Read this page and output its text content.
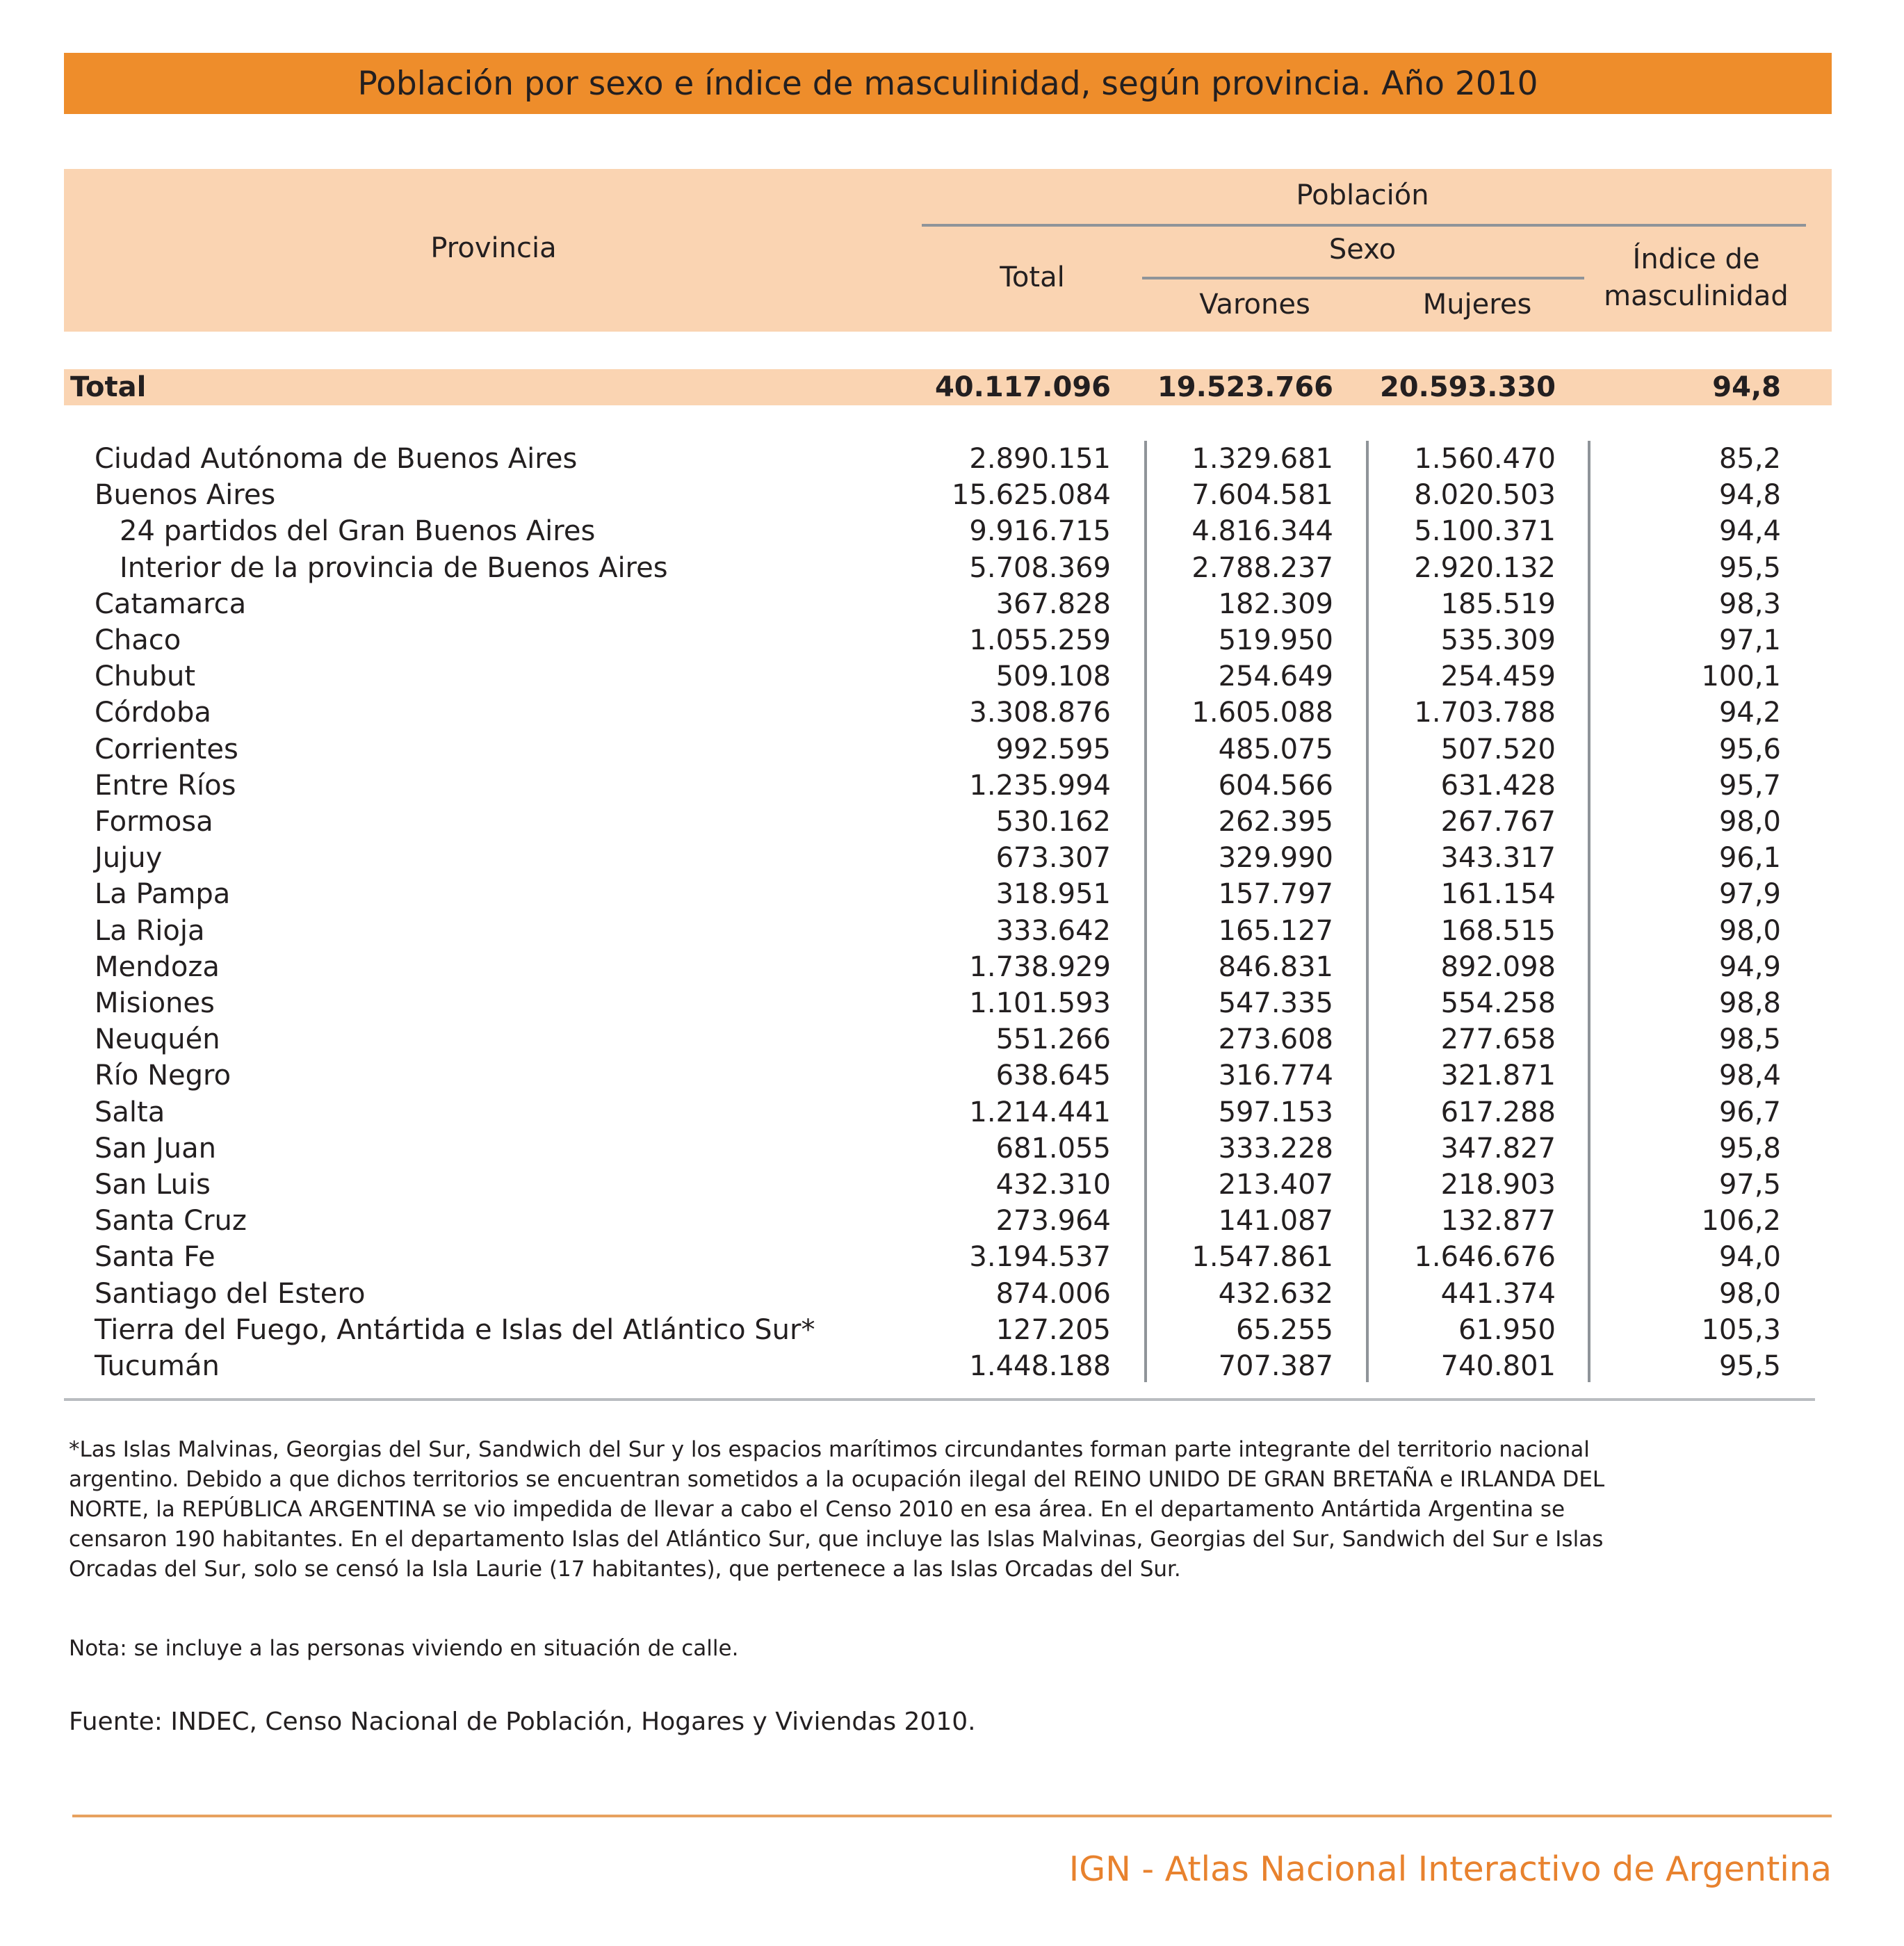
Población por sexo e índice de masculinidad, según provincia. Año 2010
Provincia
Población
Total
Sexo
Varones	Mujeres
Índice de
masculinidad
Total	40.117.096	19.523.766	20.593.330	94,8
Ciudad Autónoma de Buenos Aires	2.890.151	1.329.681	1.560.470	85,2
Buenos Aires	15.625.084	7.604.581	8.020.503	94,8
24 partidos del Gran Buenos Aires	9.916.715	4.816.344	5.100.371	94,4
Interior de la provincia de Buenos Aires	5.708.369	2.788.237	2.920.132	95,5
Catamarca	367.828	182.309	185.519	98,3
Chaco	1.055.259	519.950	535.309	97,1
Chubut	509.108	254.649	254.459	100,1
Córdoba	3.308.876	1.605.088	1.703.788	94,2
Corrientes	992.595	485.075	507.520	95,6
Entre Ríos	1.235.994	604.566	631.428	95,7
Formosa	530.162	262.395	267.767	98,0
Jujuy	673.307	329.990	343.317	96,1
La Pampa	318.951	157.797	161.154	97,9
La Rioja	333.642	165.127	168.515	98,0
Mendoza	1.738.929	846.831	892.098	94,9
Misiones	1.101.593	547.335	554.258	98,8
Neuquén	551.266	273.608	277.658	98,5
Río Negro	638.645	316.774	321.871	98,4
Salta	1.214.441	597.153	617.288	96,7
San Juan	681.055	333.228	347.827	95,8
San Luis	432.310	213.407	218.903	97,5
Santa Cruz	273.964	141.087	132.877	106,2
Santa Fe	3.194.537	1.547.861	1.646.676	94,0
Santiago del Estero	874.006	432.632	441.374	98,0
Tierra del Fuego, Antártida e Islas del Atlántico Sur*	127.205	65.255	61.950	105,3
Tucumán	1.448.188	707.387	740.801	95,5
*Las Islas Malvinas, Georgias del Sur, Sandwich del Sur y los espacios marítimos circundantes forman parte integrante del territorio nacional
argentino. Debido a que dichos territorios se encuentran sometidos a la ocupación ilegal del REINO UNIDO DE GRAN BRETAÑA e IRLANDA DEL
NORTE, la REPÚBLICA ARGENTINA se vio impedida de llevar a cabo el Censo 2010 en esa área. En el departamento Antártida Argentina se
censaron 190 habitantes. En el departamento Islas del Atlántico Sur, que incluye las Islas Malvinas, Georgias del Sur, Sandwich del Sur e Islas
Orcadas del Sur, solo se censó la Isla Laurie (17 habitantes), que pertenece a las Islas Orcadas del Sur.
Nota: se incluye a las personas viviendo en situación de calle.
Fuente: INDEC, Censo Nacional de Población, Hogares y Viviendas 2010.
IGN - Atlas Nacional Interactivo de Argentina
